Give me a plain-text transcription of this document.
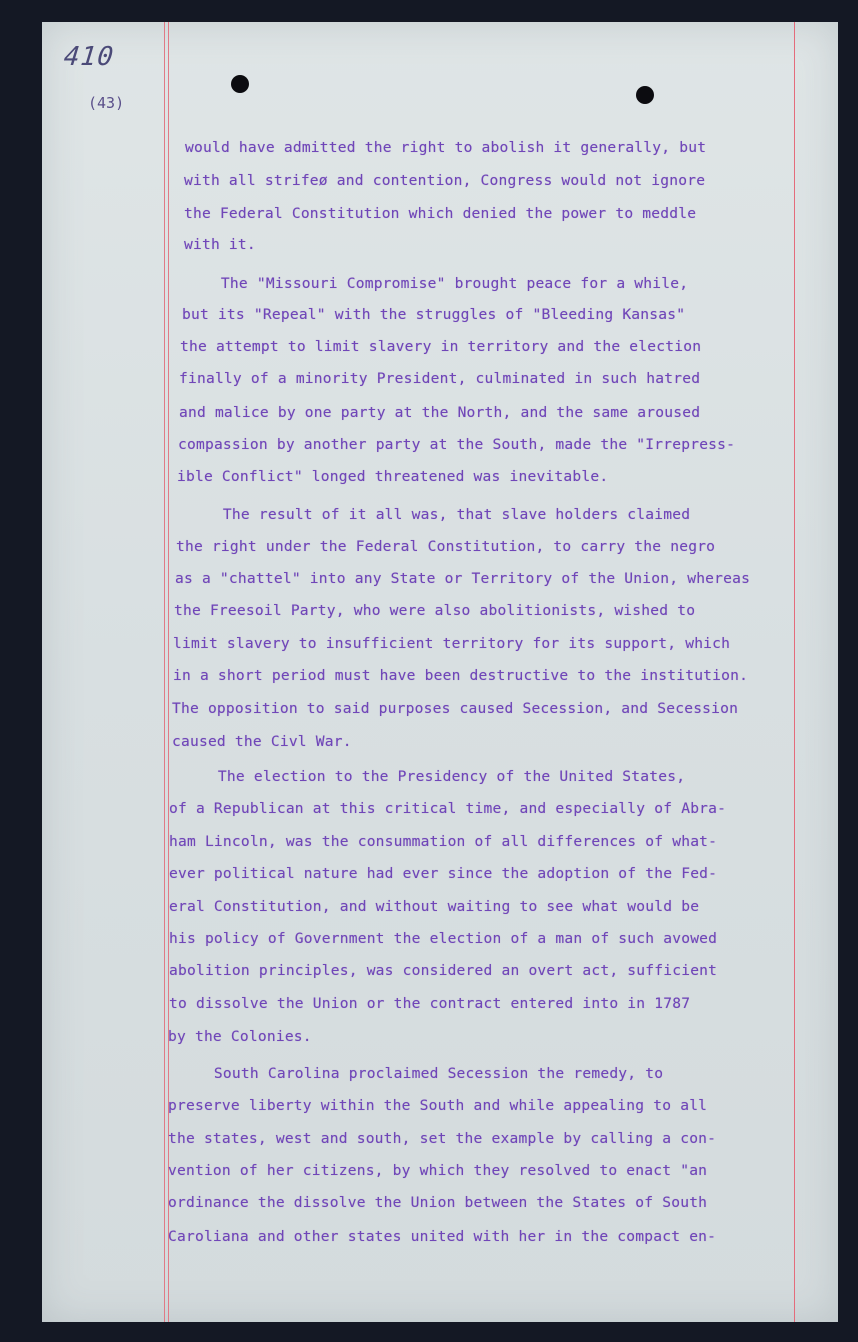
410
(43)
would have admitted the right to abolish it generally, but
with all strifeø and contention, Congress would not ignore
the Federal Constitution which denied the power to meddle
with it.
The "Missouri Compromise" brought peace for a while,
but its "Repeal" with the struggles of "Bleeding Kansas"
the attempt to limit slavery in territory and the election
finally of a minority President, culminated in such hatred
and malice by one party at the North, and the same aroused
compassion by another party at the South, made the "Irrepress-
ible Conflict" longed threatened was inevitable.
The result of it all was, that slave holders claimed
the right under the Federal Constitution, to carry the negro
as a "chattel" into any State or Territory of the Union, whereas
the Freesoil Party, who were also abolitionists, wished to
limit slavery to insufficient territory for its support, which
in a short period must have been destructive to the institution.
The opposition to said purposes caused Secession, and Secession
caused the Civl War.
The election to the Presidency of the United States,
of a Republican at this critical time, and especially of Abra-
ham Lincoln, was the consummation of all differences of what-
ever political nature had ever since the adoption of the Fed-
eral Constitution, and without waiting to see what would be
his policy of Government the election of a man of such avowed
abolition principles, was considered an overt act, sufficient
to dissolve the Union or the contract entered into in 1787
by the Colonies.
South Carolina proclaimed Secession the remedy, to
preserve liberty within the South and while appealing to all
the states, west and south, set the example by calling a con-
vention of her citizens, by which they resolved to enact "an
ordinance the dissolve the Union between the States of South
Caroliana and other states united with her in the compact en-
